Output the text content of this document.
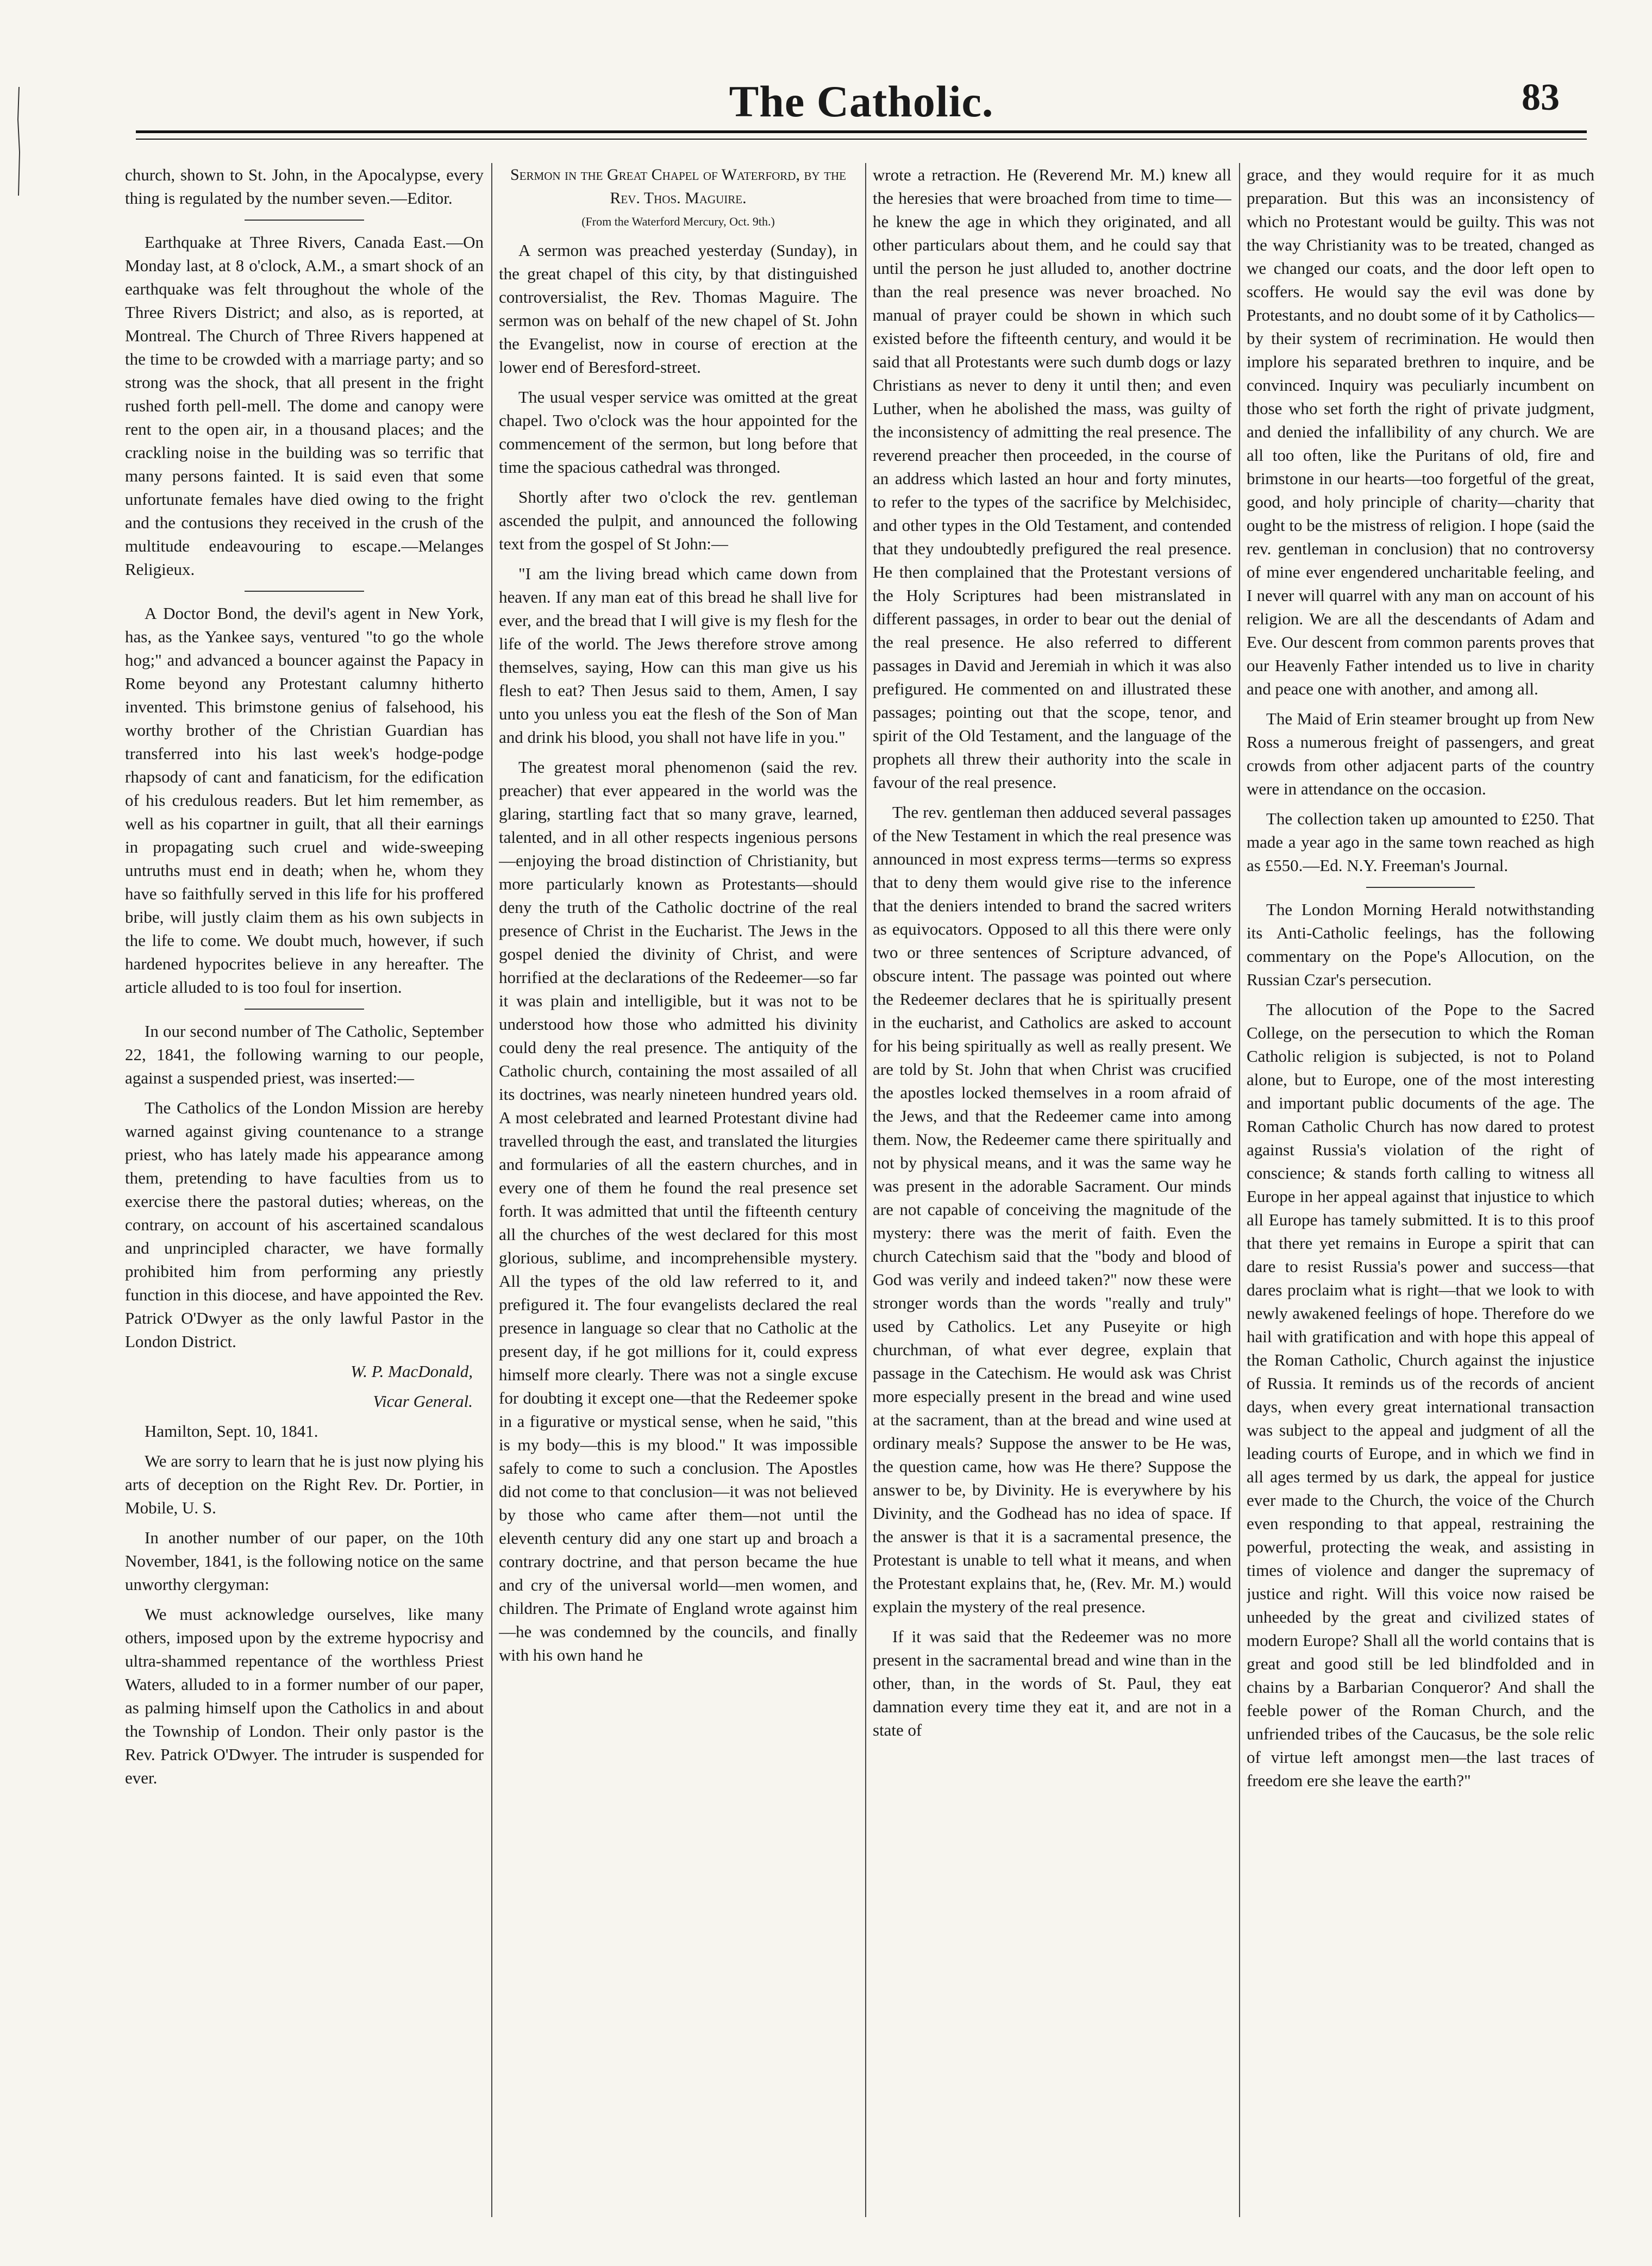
The Catholic.	83

church, shown to St. John, in the Apocalypse, every thing is regulated by the number seven.—Editor.

Earthquake at Three Rivers, Canada East.—On Monday last, at 8 o'clock, A.M., a smart shock of an earthquake was felt throughout the whole of the Three Rivers District; and also, as is reported, at Montreal. The Church of Three Rivers happened at the time to be crowded with a marriage party; and so strong was the shock, that all present in the fright rushed forth pell-mell. The dome and canopy were rent to the open air, in a thousand places; and the crackling noise in the building was so terrific that many persons fainted. It is said even that some unfortunate females have died owing to the fright and the contusions they received in the crush of the multitude endeavouring to escape.—Melanges Religieux.

A Doctor Bond, the devil's agent in New York, has, as the Yankee says, ventured "to go the whole hog;" and advanced a bouncer against the Papacy in Rome beyond any Protestant calumny hitherto invented. This brimstone genius of falsehood, his worthy brother of the Christian Guardian has transferred into his last week's hodge-podge rhapsody of cant and fanaticism, for the edification of his credulous readers. But let him remember, as well as his copartner in guilt, that all their earnings in propagating such cruel and wide-sweeping untruths must end in death; when he, whom they have so faithfully served in this life for his proffered bribe, will justly claim them as his own subjects in the life to come. We doubt much, however, if such hardened hypocrites believe in any hereafter. The article alluded to is too foul for insertion.

In our second number of The Catholic, September 22, 1841, the following warning to our people, against a suspended priest, was inserted:—

The Catholics of the London Mission are hereby warned against giving countenance to a strange priest, who has lately made his appearance among them, pretending to have faculties from us to exercise there the pastoral duties; whereas, on the contrary, on account of his ascertained scandalous and unprincipled character, we have formally prohibited him from performing any priestly function in this diocese, and have appointed the Rev. Patrick O'Dwyer as the only lawful Pastor in the London District.

W. P. MacDonald,

Vicar General.

Hamilton, Sept. 10, 1841.

We are sorry to learn that he is just now plying his arts of deception on the Right Rev. Dr. Portier, in Mobile, U. S.

In another number of our paper, on the 10th November, 1841, is the following notice on the same unworthy clergyman:

We must acknowledge ourselves, like many others, imposed upon by the extreme hypocrisy and ultra-shammed repentance of the worthless Priest Waters, alluded to in a former number of our paper, as palming himself upon the Catholics in and about the Township of London. Their only pastor is the Rev. Patrick O'Dwyer. The intruder is suspended for ever.

Sermon in the Great Chapel of Waterford, by the Rev. Thos. Maguire.

(From the Waterford Mercury, Oct. 9th.)

A sermon was preached yesterday (Sunday), in the great chapel of this city, by that distinguished controversialist, the Rev. Thomas Maguire. The sermon was on behalf of the new chapel of St. John the Evangelist, now in course of erection at the lower end of Beresford-street.

The usual vesper service was omitted at the great chapel. Two o'clock was the hour appointed for the commencement of the sermon, but long before that time the spacious cathedral was thronged.

Shortly after two o'clock the rev. gentleman ascended the pulpit, and announced the following text from the gospel of St John:—

"I am the living bread which came down from heaven. If any man eat of this bread he shall live for ever, and the bread that I will give is my flesh for the life of the world. The Jews therefore strove among themselves, saying, How can this man give us his flesh to eat? Then Jesus said to them, Amen, I say unto you unless you eat the flesh of the Son of Man and drink his blood, you shall not have life in you."

The greatest moral phenomenon (said the rev. preacher) that ever appeared in the world was the glaring, startling fact that so many grave, learned, talented, and in all other respects ingenious persons—enjoying the broad distinction of Christianity, but more particularly known as Protestants—should deny the truth of the Catholic doctrine of the real presence of Christ in the Eucharist. The Jews in the gospel denied the divinity of Christ, and were horrified at the declarations of the Redeemer—so far it was plain and intelligible, but it was not to be understood how those who admitted his divinity could deny the real presence. The antiquity of the Catholic church, containing the most assailed of all its doctrines, was nearly nineteen hundred years old. A most celebrated and learned Protestant divine had travelled through the east, and translated the liturgies and formularies of all the eastern churches, and in every one of them he found the real presence set forth. It was admitted that until the fifteenth century all the churches of the west declared for this most glorious, sublime, and incomprehensible mystery. All the types of the old law referred to it, and prefigured it. The four evangelists declared the real presence in language so clear that no Catholic at the present day, if he got millions for it, could express himself more clearly. There was not a single excuse for doubting it except one—that the Redeemer spoke in a figurative or mystical sense, when he said, "this is my body—this is my blood." It was impossible safely to come to such a conclusion. The Apostles did not come to that conclusion—it was not believed by those who came after them—not until the eleventh century did any one start up and broach a contrary doctrine, and that person became the hue and cry of the universal world—men women, and children. The Primate of England wrote against him—he was condemned by the councils, and finally with his own hand he

wrote a retraction. He (Reverend Mr. M.) knew all the heresies that were broached from time to time—he knew the age in which they originated, and all other particulars about them, and he could say that until the person he just alluded to, another doctrine than the real presence was never broached. No manual of prayer could be shown in which such existed before the fifteenth century, and would it be said that all Protestants were such dumb dogs or lazy Christians as never to deny it until then; and even Luther, when he abolished the mass, was guilty of the inconsistency of admitting the real presence. The reverend preacher then proceeded, in the course of an address which lasted an hour and forty minutes, to refer to the types of the sacrifice by Melchisidec, and other types in the Old Testament, and contended that they undoubtedly prefigured the real presence. He then complained that the Protestant versions of the Holy Scriptures had been mistranslated in different passages, in order to bear out the denial of the real presence. He also referred to different passages in David and Jeremiah in which it was also prefigured. He commented on and illustrated these passages; pointing out that the scope, tenor, and spirit of the Old Testament, and the language of the prophets all threw their authority into the scale in favour of the real presence.

The rev. gentleman then adduced several passages of the New Testament in which the real presence was announced in most express terms—terms so express that to deny them would give rise to the inference that the deniers intended to brand the sacred writers as equivocators. Opposed to all this there were only two or three sentences of Scripture advanced, of obscure intent. The passage was pointed out where the Redeemer declares that he is spiritually present in the eucharist, and Catholics are asked to account for his being spiritually as well as really present. We are told by St. John that when Christ was crucified the apostles locked themselves in a room afraid of the Jews, and that the Redeemer came into among them. Now, the Redeemer came there spiritually and not by physical means, and it was the same way he was present in the adorable Sacrament. Our minds are not capable of conceiving the magnitude of the mystery: there was the merit of faith. Even the church Catechism said that the "body and blood of God was verily and indeed taken?" now these were stronger words than the words "really and truly" used by Catholics. Let any Puseyite or high churchman, of what ever degree, explain that passage in the Catechism. He would ask was Christ more especially present in the bread and wine used at the sacrament, than at the bread and wine used at ordinary meals? Suppose the answer to be He was, the question came, how was He there? Suppose the answer to be, by Divinity. He is everywhere by his Divinity, and the Godhead has no idea of space. If the answer is that it is a sacramental presence, the Protestant is unable to tell what it means, and when the Protestant explains that, he, (Rev. Mr. M.) would explain the mystery of the real presence.

If it was said that the Redeemer was no more present in the sacramental bread and wine than in the other, than, in the words of St. Paul, they eat damnation every time they eat it, and are not in a state of

grace, and they would require for it as much preparation. But this was an inconsistency of which no Protestant would be guilty. This was not the way Christianity was to be treated, changed as we changed our coats, and the door left open to scoffers. He would say the evil was done by Protestants, and no doubt some of it by Catholics—by their system of recrimination. He would then implore his separated brethren to inquire, and be convinced. Inquiry was peculiarly incumbent on those who set forth the right of private judgment, and denied the infallibility of any church. We are all too often, like the Puritans of old, fire and brimstone in our hearts—too forgetful of the great, good, and holy principle of charity—charity that ought to be the mistress of religion. I hope (said the rev. gentleman in conclusion) that no controversy of mine ever engendered uncharitable feeling, and I never will quarrel with any man on account of his religion. We are all the descendants of Adam and Eve. Our descent from common parents proves that our Heavenly Father intended us to live in charity and peace one with another, and among all.

The Maid of Erin steamer brought up from New Ross a numerous freight of passengers, and great crowds from other adjacent parts of the country were in attendance on the occasion.

The collection taken up amounted to £250. That made a year ago in the same town reached as high as £550.—Ed. N.Y. Freeman's Journal.

The London Morning Herald notwithstanding its Anti-Catholic feelings, has the following commentary on the Pope's Allocution, on the Russian Czar's persecution.

The allocution of the Pope to the Sacred College, on the persecution to which the Roman Catholic religion is subjected, is not to Poland alone, but to Europe, one of the most interesting and important public documents of the age. The Roman Catholic Church has now dared to protest against Russia's violation of the right of conscience; & stands forth calling to witness all Europe in her appeal against that injustice to which all Europe has tamely submitted. It is to this proof that there yet remains in Europe a spirit that can dare to resist Russia's power and success—that dares proclaim what is right—that we look to with newly awakened feelings of hope. Therefore do we hail with gratification and with hope this appeal of the Roman Catholic, Church against the injustice of Russia. It reminds us of the records of ancient days, when every great international transaction was subject to the appeal and judgment of all the leading courts of Europe, and in which we find in all ages termed by us dark, the appeal for justice ever made to the Church, the voice of the Church even responding to that appeal, restraining the powerful, protecting the weak, and assisting in times of violence and danger the supremacy of justice and right. Will this voice now raised be unheeded by the great and civilized states of modern Europe? Shall all the world contains that is great and good still be led blindfolded and in chains by a Barbarian Conqueror? And shall the feeble power of the Roman Church, and the unfriended tribes of the Caucasus, be the sole relic of virtue left amongst men—the last traces of freedom ere she leave the earth?"
